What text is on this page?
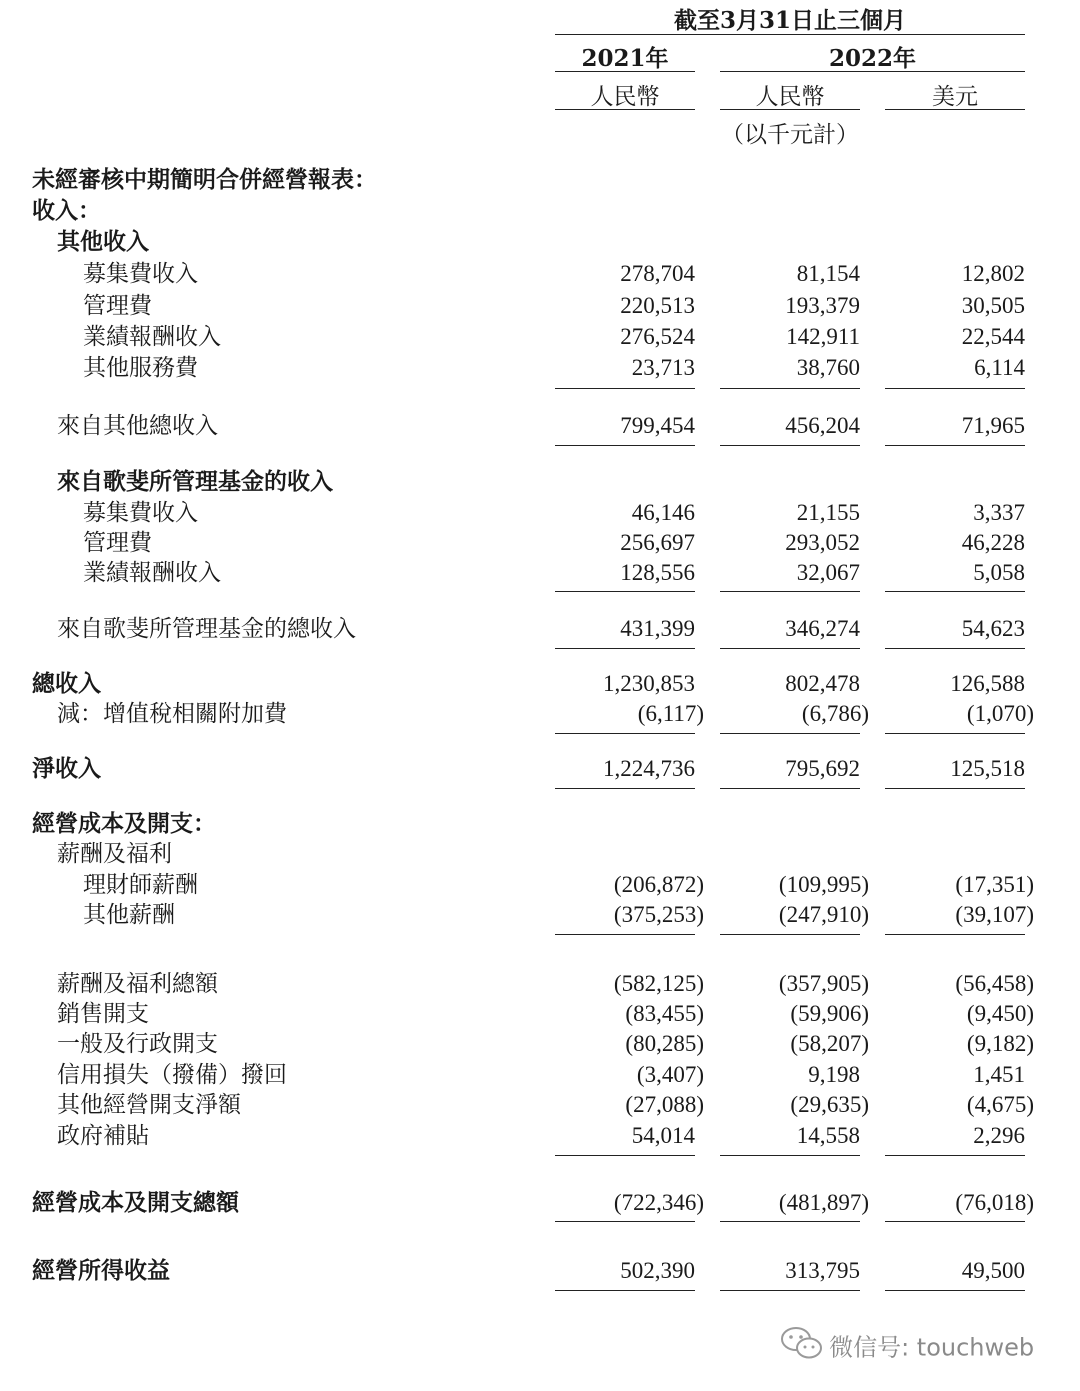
截至3月31日止三個月
2021年	2022年
人民幣	人民幣	美元
（以千元計）
未經審核中期簡明合併經營報表：
收入：
其他收入
募集費收入	278,704	81,154	12,802
管理費	220,513	193,379	30,505
業績報酬收入	276,524	142,911	22,544
其他服務費	23,713	38,760	6,114
來自其他總收入	799,454	456,204	71,965
來自歌斐所管理基金的收入
募集費收入	46,146	21,155	3,337
管理費	256,697	293,052	46,228
業績報酬收入	128,556	32,067	5,058
來自歌斐所管理基金的總收入	431,399	346,274	54,623
總收入	1,230,853	802,478	126,588
減：增值稅相關附加費	(6,117)	(6,786)	(1,070)
淨收入	1,224,736	795,692	125,518
經營成本及開支：
薪酬及福利
理財師薪酬	(206,872)	(109,995)	(17,351)
其他薪酬	(375,253)	(247,910)	(39,107)
薪酬及福利總額	(582,125)	(357,905)	(56,458)
銷售開支	(83,455)	(59,906)	(9,450)
一般及行政開支	(80,285)	(58,207)	(9,182)
信用損失（撥備）撥回	(3,407)	9,198	1,451
其他經營開支淨額	(27,088)	(29,635)	(4,675)
政府補貼	54,014	14,558	2,296
經營成本及開支總額	(722,346)	(481,897)	(76,018)
經營所得收益	502,390	313,795	49,500
微信号: touchweb
